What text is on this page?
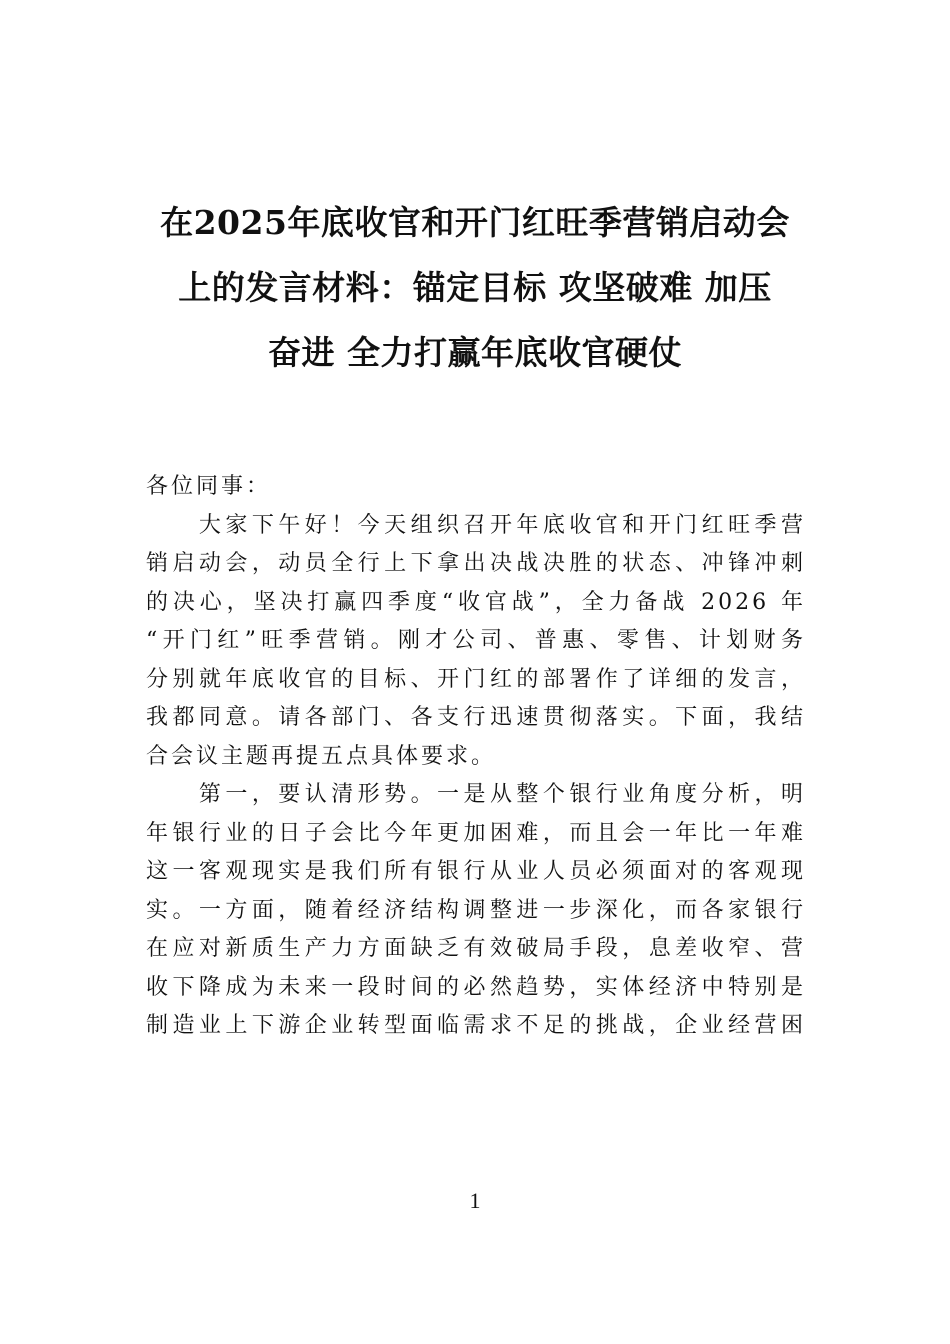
在2025年底收官和开门红旺季营销启动会
上的发言材料：锚定目标 攻坚破难 加压
奋进 全力打赢年底收官硬仗
各位同事：
　　大家下午好！今天组织召开年底收官和开门红旺季营
销启动会，动员全行上下拿出决战决胜的状态、冲锋冲刺
的决心，坚决打赢四季度“收官战”，全力备战 2026 年
“开门红”旺季营销。刚才公司、普惠、零售、计划财务
分别就年底收官的目标、开门红的部署作了详细的发言，
我都同意。请各部门、各支行迅速贯彻落实。下面，我结
合会议主题再提五点具体要求。
　　第一，要认清形势。一是从整个银行业角度分析，明
年银行业的日子会比今年更加困难，而且会一年比一年难
这一客观现实是我们所有银行从业人员必须面对的客观现
实。一方面，随着经济结构调整进一步深化，而各家银行
在应对新质生产力方面缺乏有效破局手段，息差收窄、营
收下降成为未来一段时间的必然趋势，实体经济中特别是
制造业上下游企业转型面临需求不足的挑战，企业经营困
1
